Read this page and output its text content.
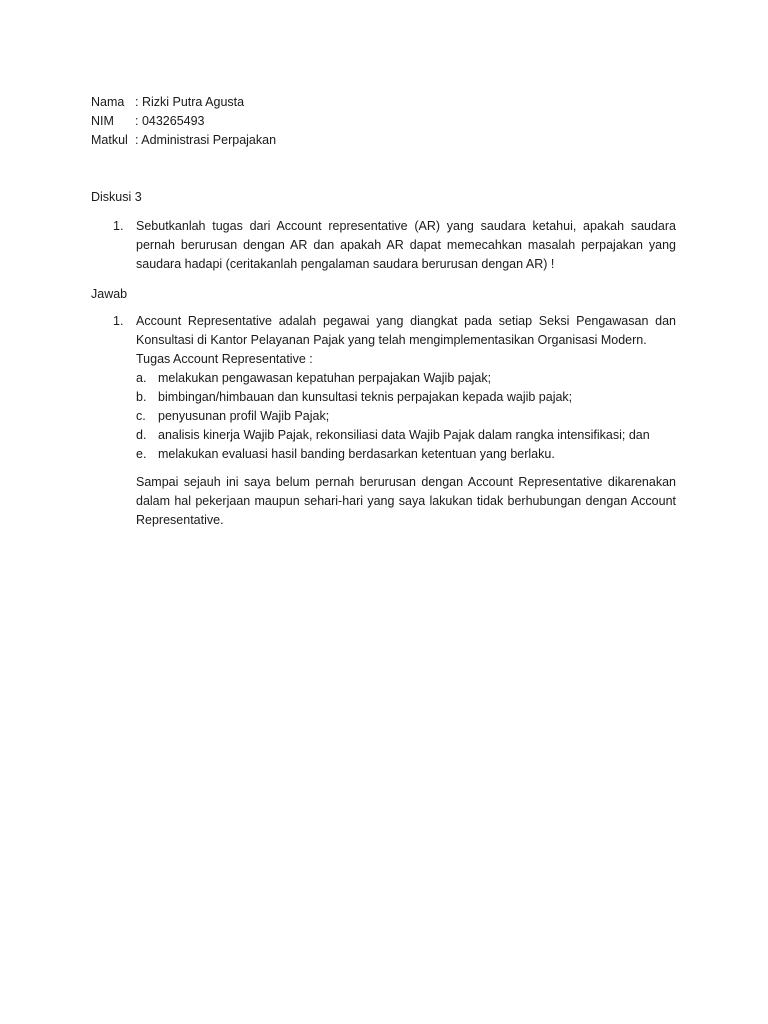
Nama : Rizki Putra Agusta
NIM	: 043265493
Matkul : Administrasi Perpajakan
Diskusi 3
1.	Sebutkanlah tugas dari Account representative (AR) yang saudara ketahui, apakah saudara pernah berurusan dengan AR dan apakah AR dapat memecahkan masalah perpajakan yang saudara hadapi (ceritakanlah pengalaman saudara berurusan dengan AR) !
Jawab
1.	Account Representative adalah pegawai yang diangkat pada setiap Seksi Pengawasan dan Konsultasi di Kantor Pelayanan Pajak yang telah mengimplementasikan Organisasi Modern.
Tugas Account Representative :
a. melakukan pengawasan kepatuhan perpajakan Wajib pajak;
b. bimbingan/himbauan dan kunsultasi teknis perpajakan kepada wajib pajak;
c. penyusunan profil Wajib Pajak;
d. analisis kinerja Wajib Pajak, rekonsiliasi data Wajib Pajak dalam rangka intensifikasi; dan
e. melakukan evaluasi hasil banding berdasarkan ketentuan yang berlaku.
Sampai sejauh ini saya belum pernah berurusan dengan Account Representative dikarenakan dalam hal pekerjaan maupun sehari-hari yang saya lakukan tidak berhubungan dengan Account Representative.
